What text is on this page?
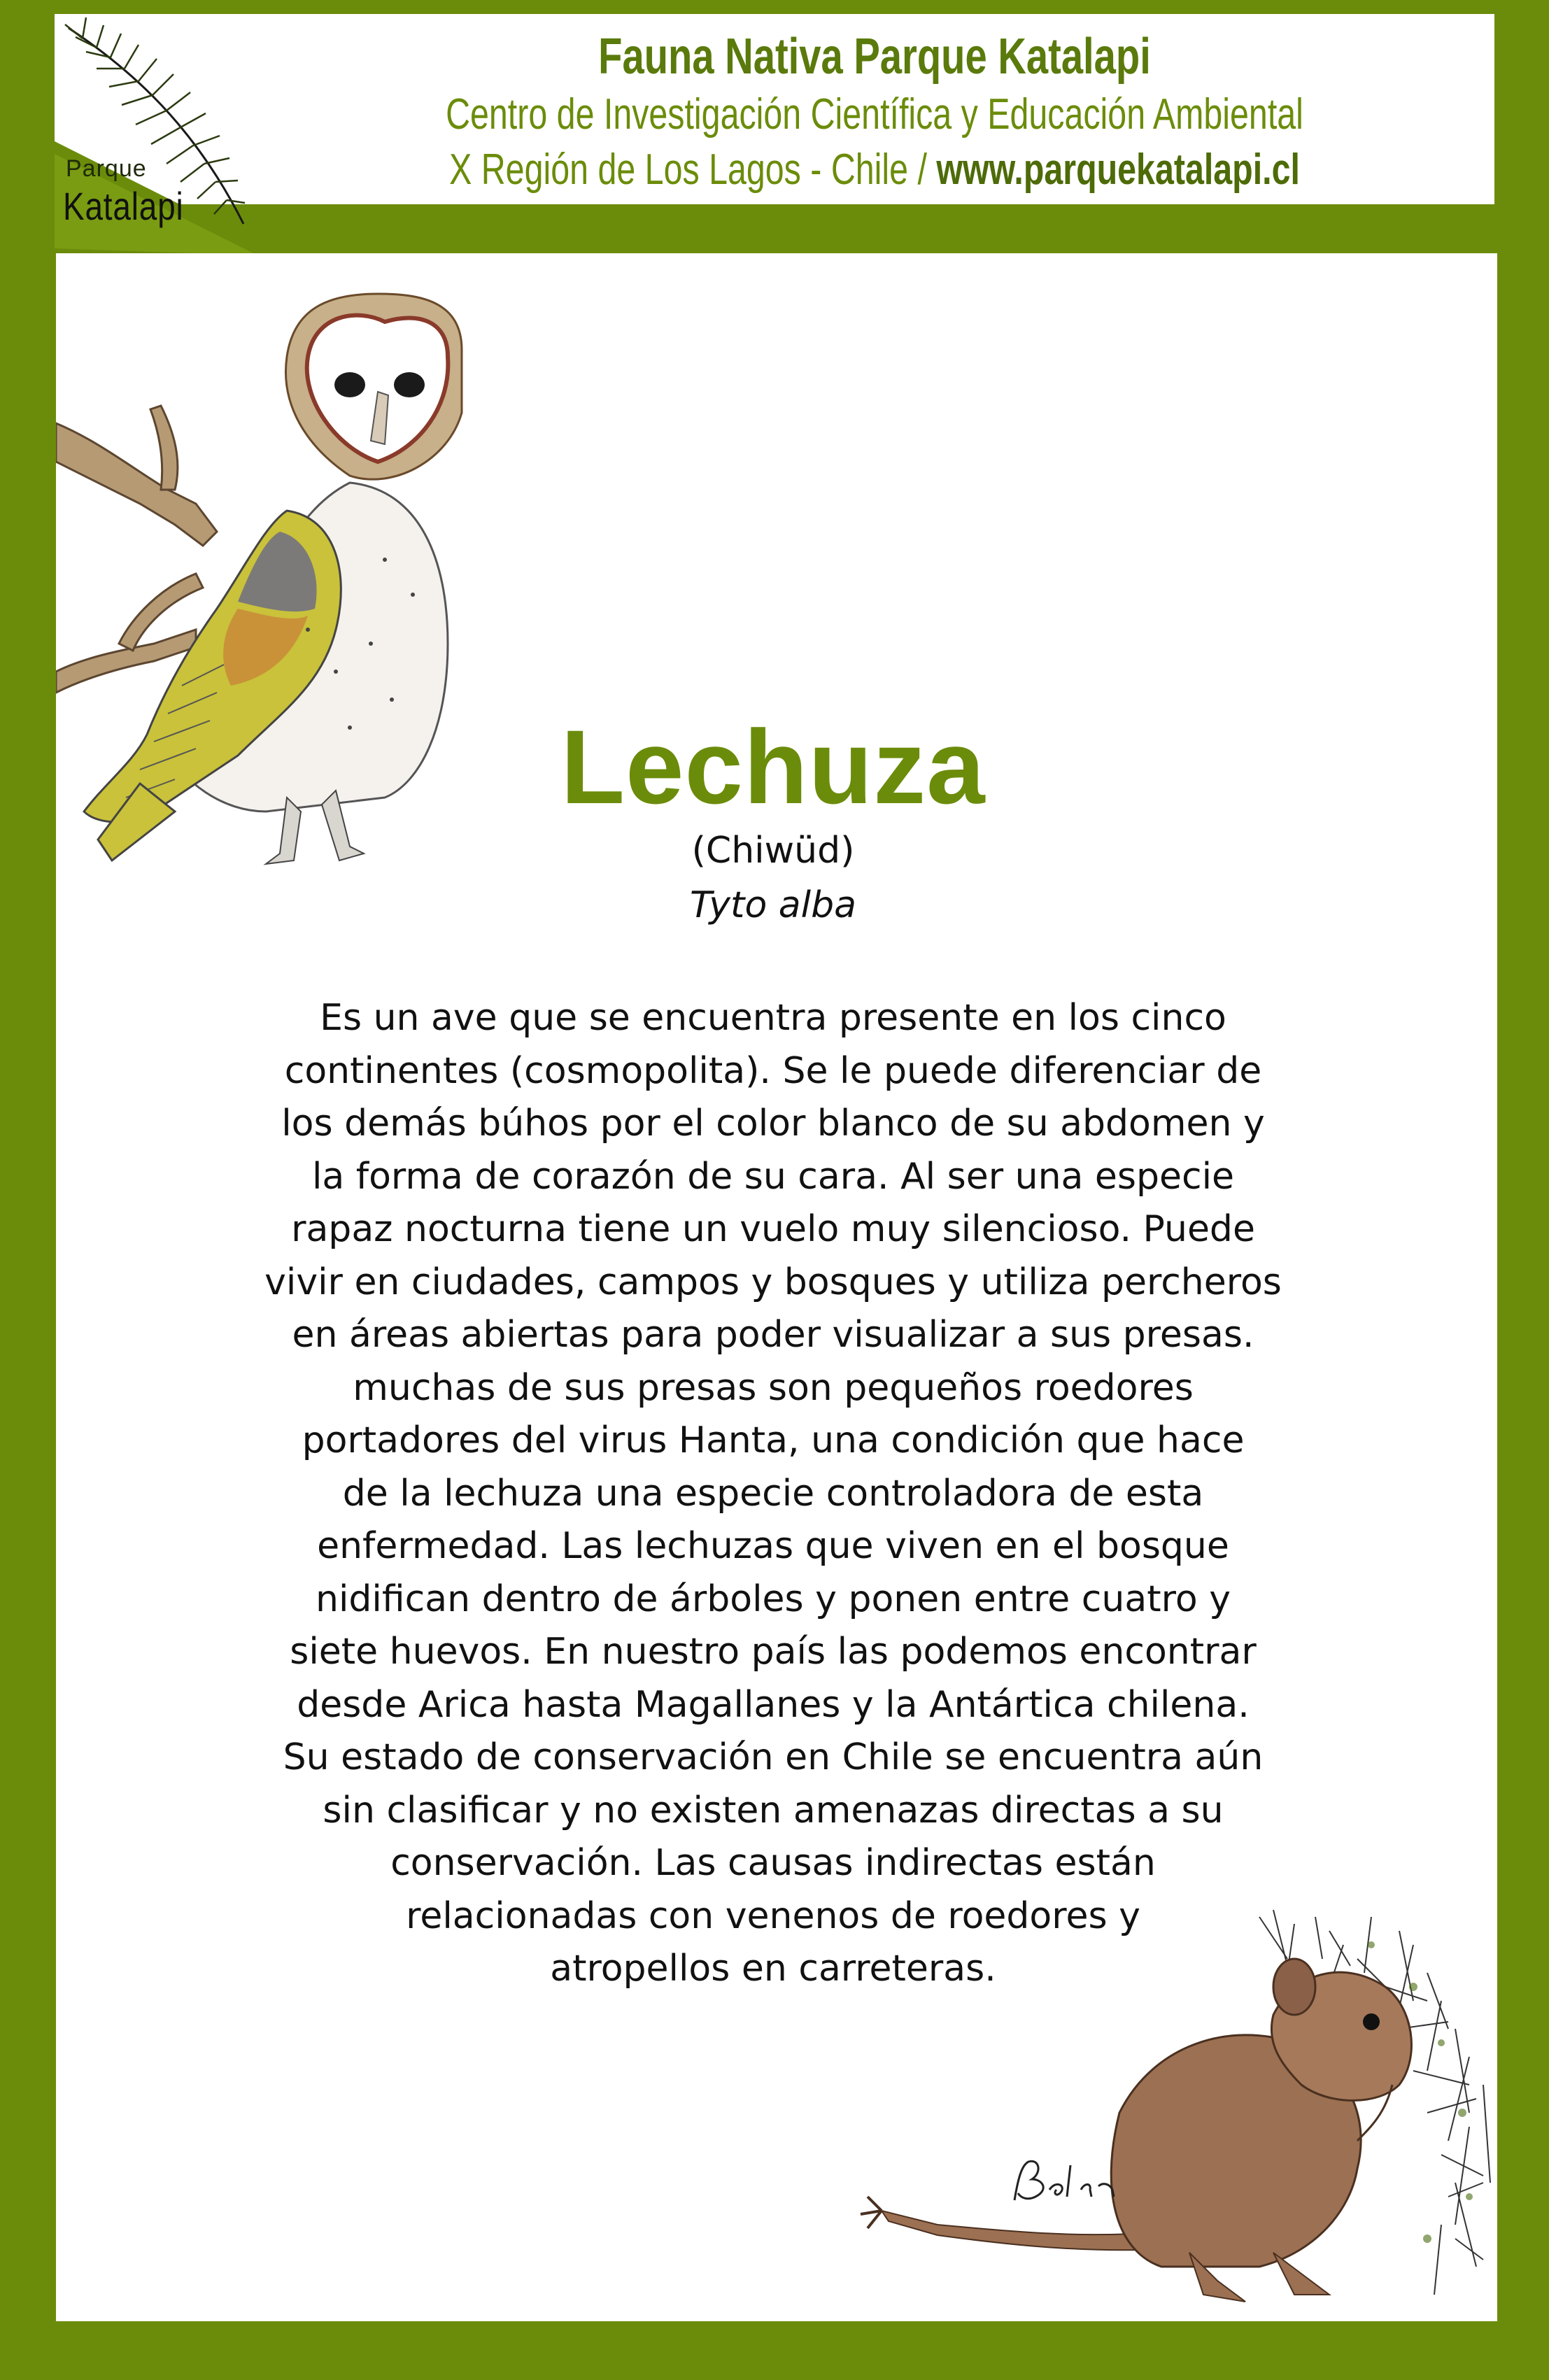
Parque
Katalapi
Fauna Nativa Parque Katalapi
Centro de Investigación Científica y Educación Ambiental
X Región de Los Lagos - Chile / www.parquekatalapi.cl
Lechuza
(Chiwüd)
Tyto alba
Es un ave que se encuentra presente en los cinco
continentes (cosmopolita). Se le puede diferenciar de
los demás búhos por el color blanco de su abdomen y
la forma de corazón de su cara. Al ser una especie
rapaz nocturna tiene un vuelo muy silencioso. Puede
vivir en ciudades, campos y bosques y utiliza percheros
en áreas abiertas para poder visualizar a sus presas.
muchas de sus presas son pequeños roedores
portadores del virus Hanta, una condición que hace
de la lechuza una especie controladora de esta
enfermedad. Las lechuzas que viven en el bosque
nidifican dentro de árboles y ponen entre cuatro y
siete huevos. En nuestro país las podemos encontrar
desde Arica hasta Magallanes y la Antártica chilena.
Su estado de conservación en Chile se encuentra aún
sin clasificar y no existen amenazas directas a su
conservación. Las causas indirectas están
relacionadas con venenos de roedores y
atropellos en carreteras.
